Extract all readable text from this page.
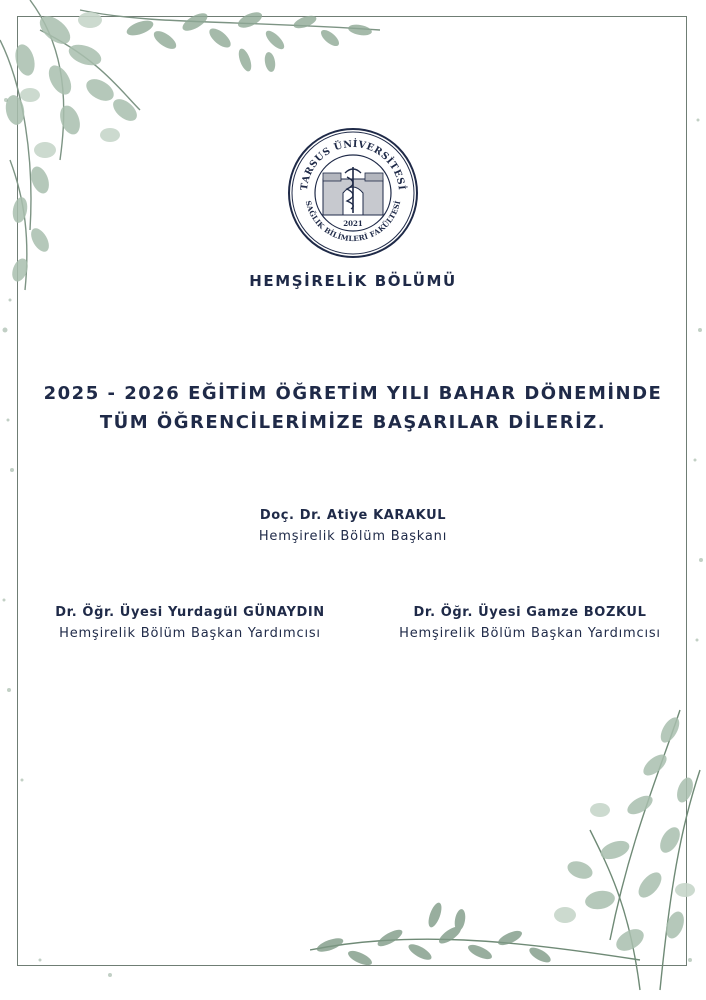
TARSUS ÜNİVERSİTESİ
SAĞLIK BİLİMLERİ FAKÜLTESİ
2021
HEMŞİRELİK BÖLÜMÜ
2025 - 2026 EĞİTİM ÖĞRETİM YILI BAHAR DÖNEMİNDE
TÜM ÖĞRENCİLERİMİZE BAŞARILAR DİLERİZ.
Doç. Dr. Atiye KARAKUL
Hemşirelik Bölüm Başkanı
Dr. Öğr. Üyesi Yurdagül GÜNAYDIN
Hemşirelik Bölüm Başkan Yardımcısı
Dr. Öğr. Üyesi Gamze BOZKUL
Hemşirelik Bölüm Başkan Yardımcısı
